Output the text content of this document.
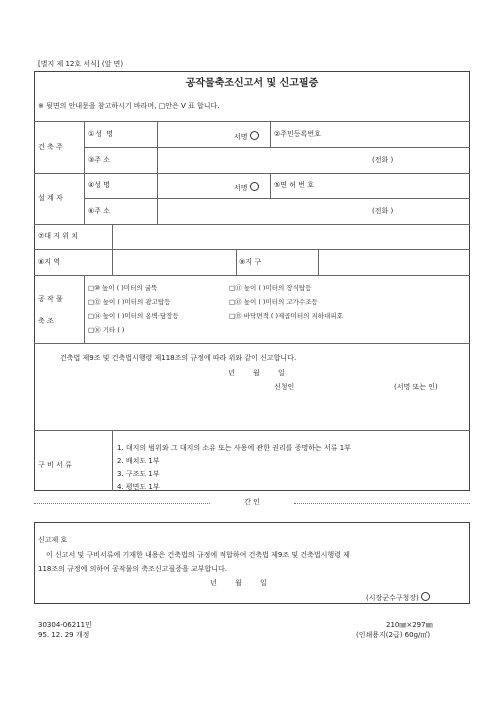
[별지 제 12호 서식] (앞 면)
공작물축조신고서 및 신고필증
※ 뒷면의 안내문을 참고하시기 바라며, □안은 V 표 합니다.
건 축 주
①성 명	서명	②주민등록번호
③주 소	(전화 )
설 계 자
④성 명	서명	⑤면 허 번 호
⑥주 소	(전화 )
⑦대 지 위 치
⑧지 역	⑨지 구
공 작 물
축 조
□⑩ 높이 ( )미터의 굴뚝	□⑪ 높이 ( )미터의 장식탑등
□⑫ 높이 ( )미터의 광고탑등	□⑬ 높이 ( )미터의 고가수조등
□⑭ 높이 ( )미터의 옹벽·담장등	□⑮ 바닥면적 ( )제곱미터의 지하대피호
□⑯ 기타 ( )
건축법 제9조 및 건축법시행령 제118조의 규정에 따라 위와 같이 신고합니다.
년 월 일
신청인	(서명 또는 인)
구 비 서 류
1. 대지의 범위와 그 대지의 소유 또는 사용에 관한 권리를 증명하는 서류 1부
2. 배치도 1부
3. 구조도 1부
4. 평면도 1부
간 인
신고제 호
이 신고서 및 구비서류에 기재한 내용은 건축법의 규정에 적합하여 건축법 제9조 및 건축법시행령 제
118조의 규정에 의하여 공작물의 축조신고필증을 교부합니다.
년 월 일
(시장군수구청장)
30304-06211민
95. 12. 29 개정
210㎜×297㎜
(인쇄용지(2급) 60g/㎡)
